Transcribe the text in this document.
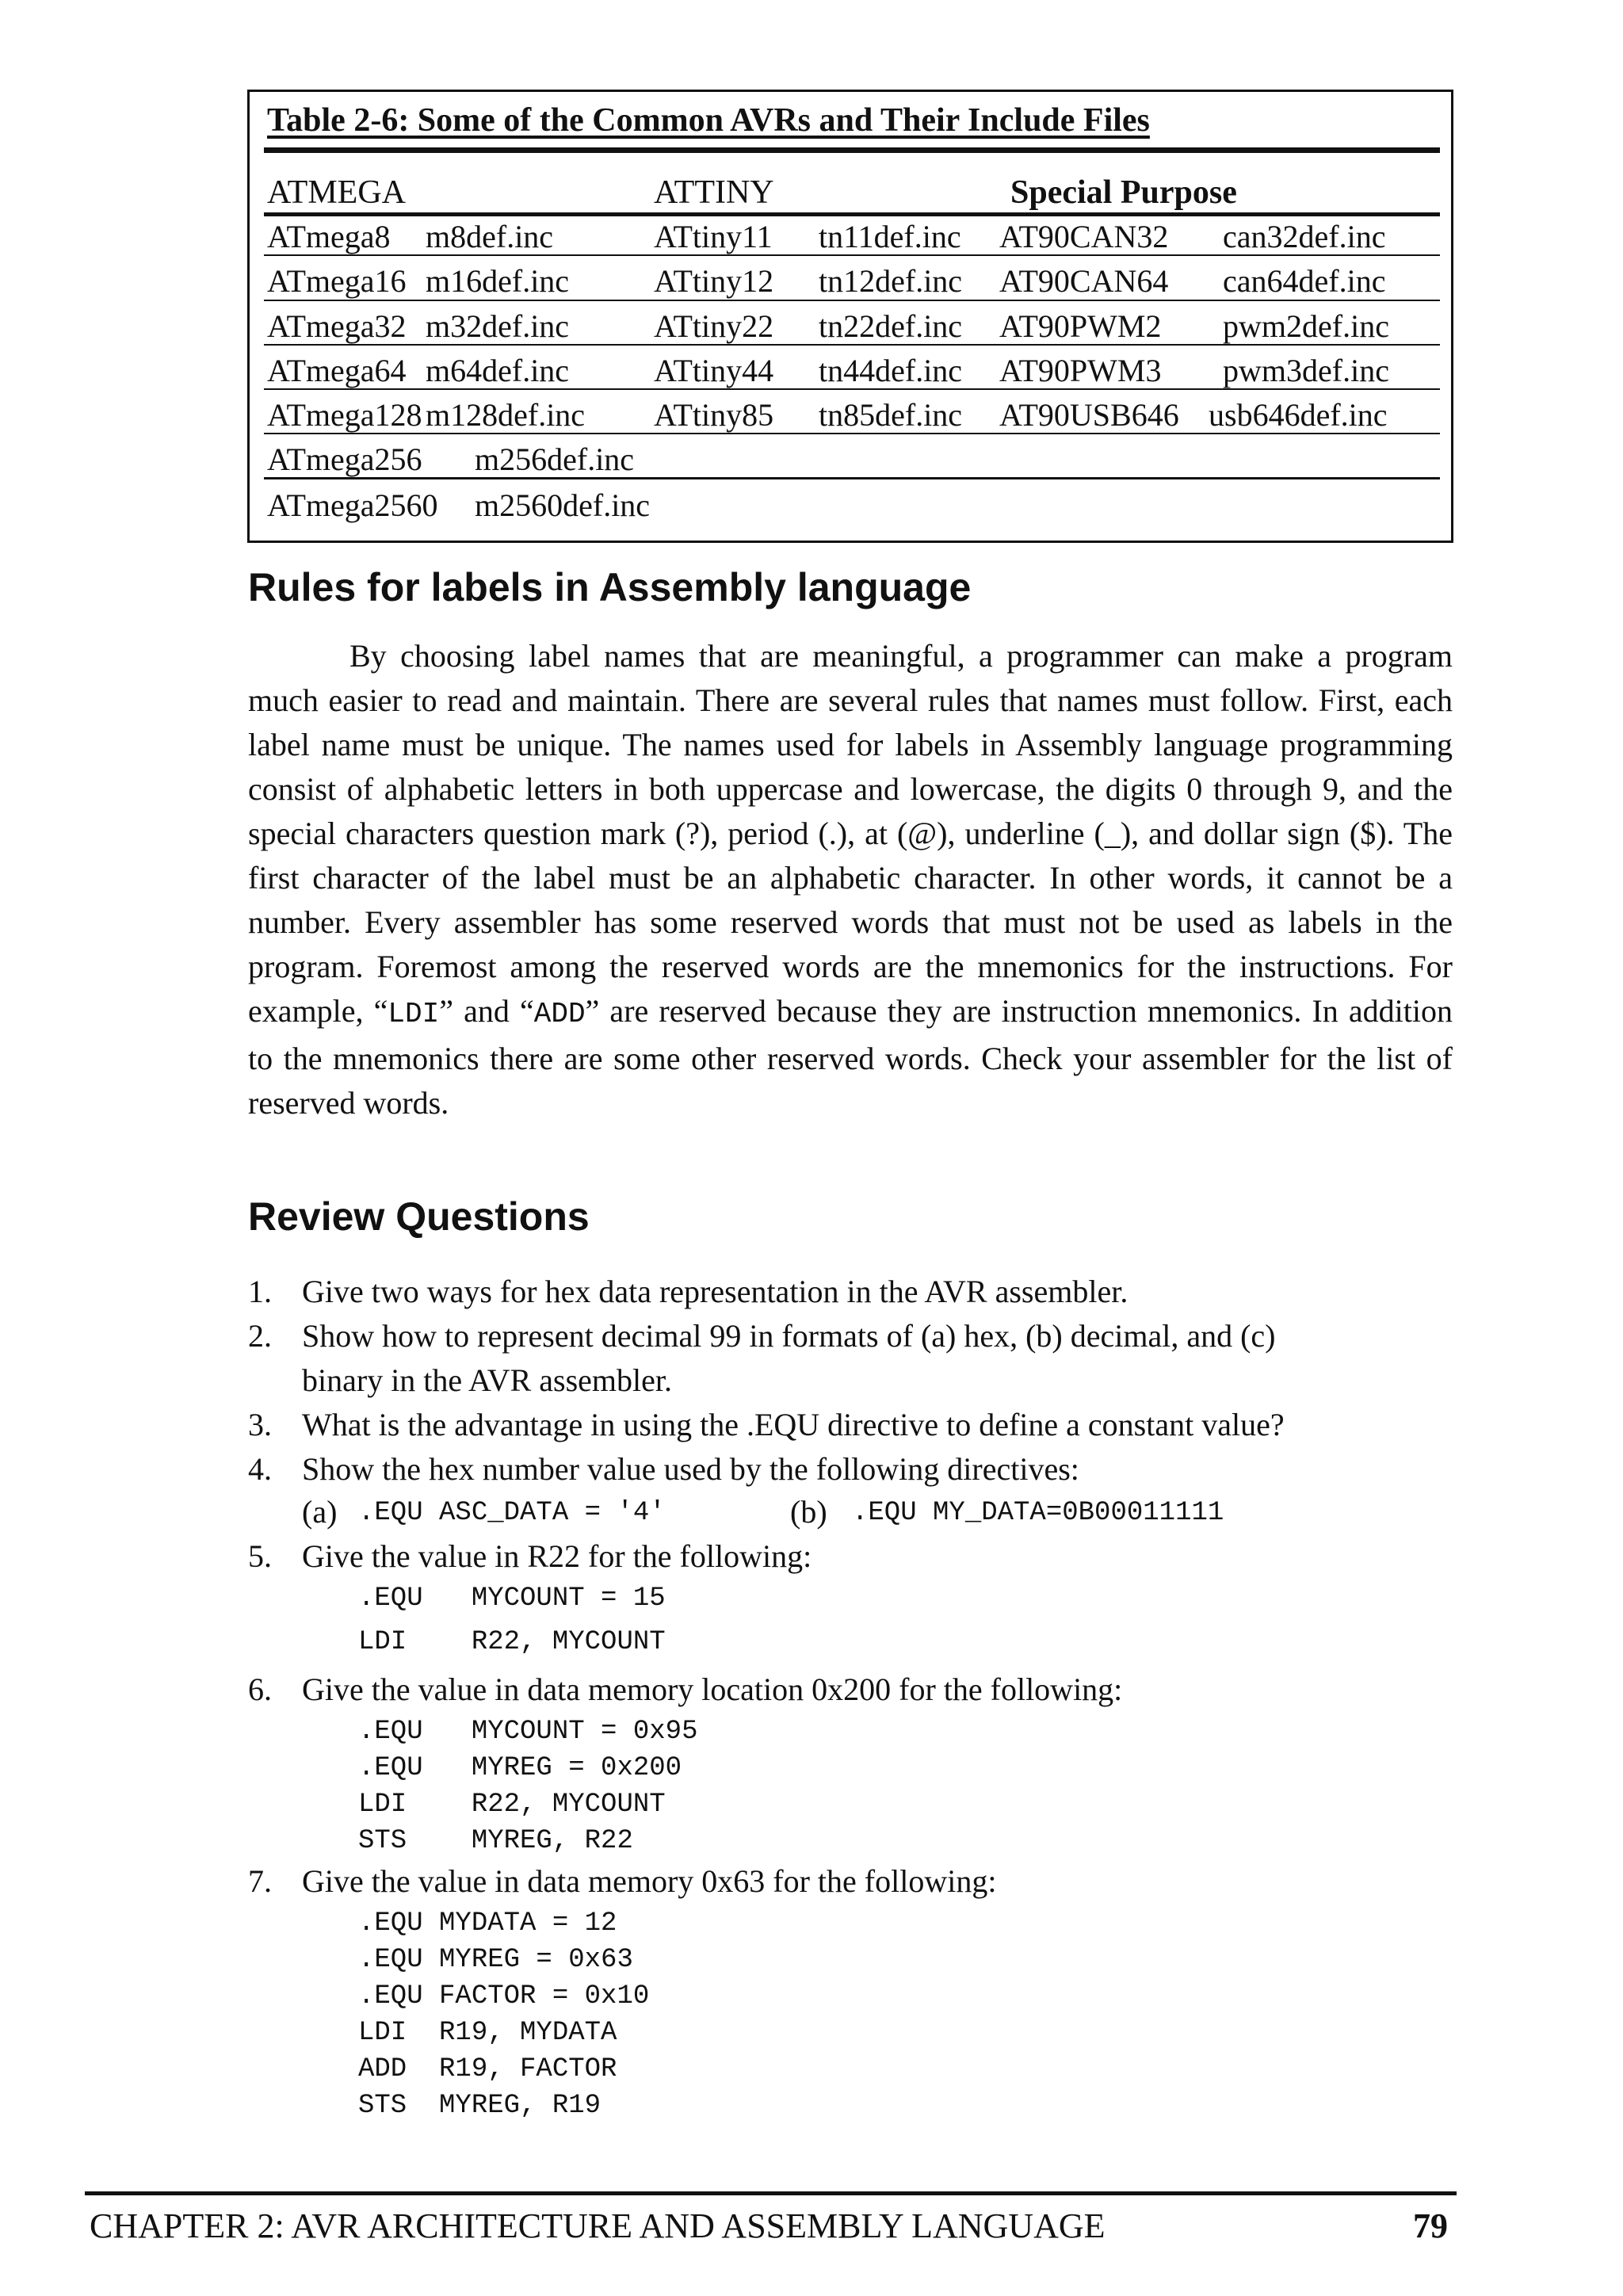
Table 2-6: Some of the Common AVRs and Their Include Files
ATMEGA	ATTINY	Special Purpose
ATmega8 m8def.inc	ATtiny11 tn11def.inc AT90CAN32 can32def.inc
ATmega16 m16def.inc	ATtiny12 tn12def.inc AT90CAN64 can64def.inc
ATmega32 m32def.inc	ATtiny22 tn22def.inc AT90PWM2 pwm2def.inc
ATmega64 m64def.inc	ATtiny44 tn44def.inc AT90PWM3 pwm3def.inc
ATmega128 m128def.inc ATtiny85 tn85def.inc AT90USB646 usb646def.inc
ATmega256 m256def.inc
ATmega2560 m2560def.inc
Rules for labels in Assembly language

By choosing label names that are meaningful, a programmer can make a program much easier to read and maintain. There are several rules that names must follow. First, each label name must be unique. The names used for labels in Assembly language programming consist of alphabetic letters in both uppercase and lowercase, the digits 0 through 9, and the special characters question mark (?), period (.), at (@), underline (_), and dollar sign ($). The first character of the label must be an alphabetic character. In other words, it cannot be a number. Every assembler has some reserved words that must not be used as labels in the program. Foremost among the reserved words are the mnemonics for the instructions. For example, “LDI” and “ADD” are reserved because they are instruction mnemonics. In addition to the mnemonics there are some other reserved words. Check your assembler for the list of reserved words.

Review Questions
1. Give two ways for hex data representation in the AVR assembler.
2. Show how to represent decimal 99 in formats of (a) hex, (b) decimal, and (c)
binary in the AVR assembler.
3. What is the advantage in using the .EQU directive to define a constant value?
4. Show the hex number value used by the following directives:
(a) .EQU ASC_DATA = '4'	(b) .EQU MY_DATA=0B00011111
5. Give the value in R22 for the following:
.EQU   MYCOUNT = 15
LDI    R22, MYCOUNT
6. Give the value in data memory location 0x200 for the following:
.EQU   MYCOUNT = 0x95
.EQU   MYREG = 0x200
LDI    R22, MYCOUNT
STS    MYREG, R22
7. Give the value in data memory 0x63 for the following:
.EQU MYDATA = 12
.EQU MYREG = 0x63
.EQU FACTOR = 0x10
LDI  R19, MYDATA
ADD  R19, FACTOR
STS  MYREG, R19
CHAPTER 2: AVR ARCHITECTURE AND ASSEMBLY LANGUAGE	79
